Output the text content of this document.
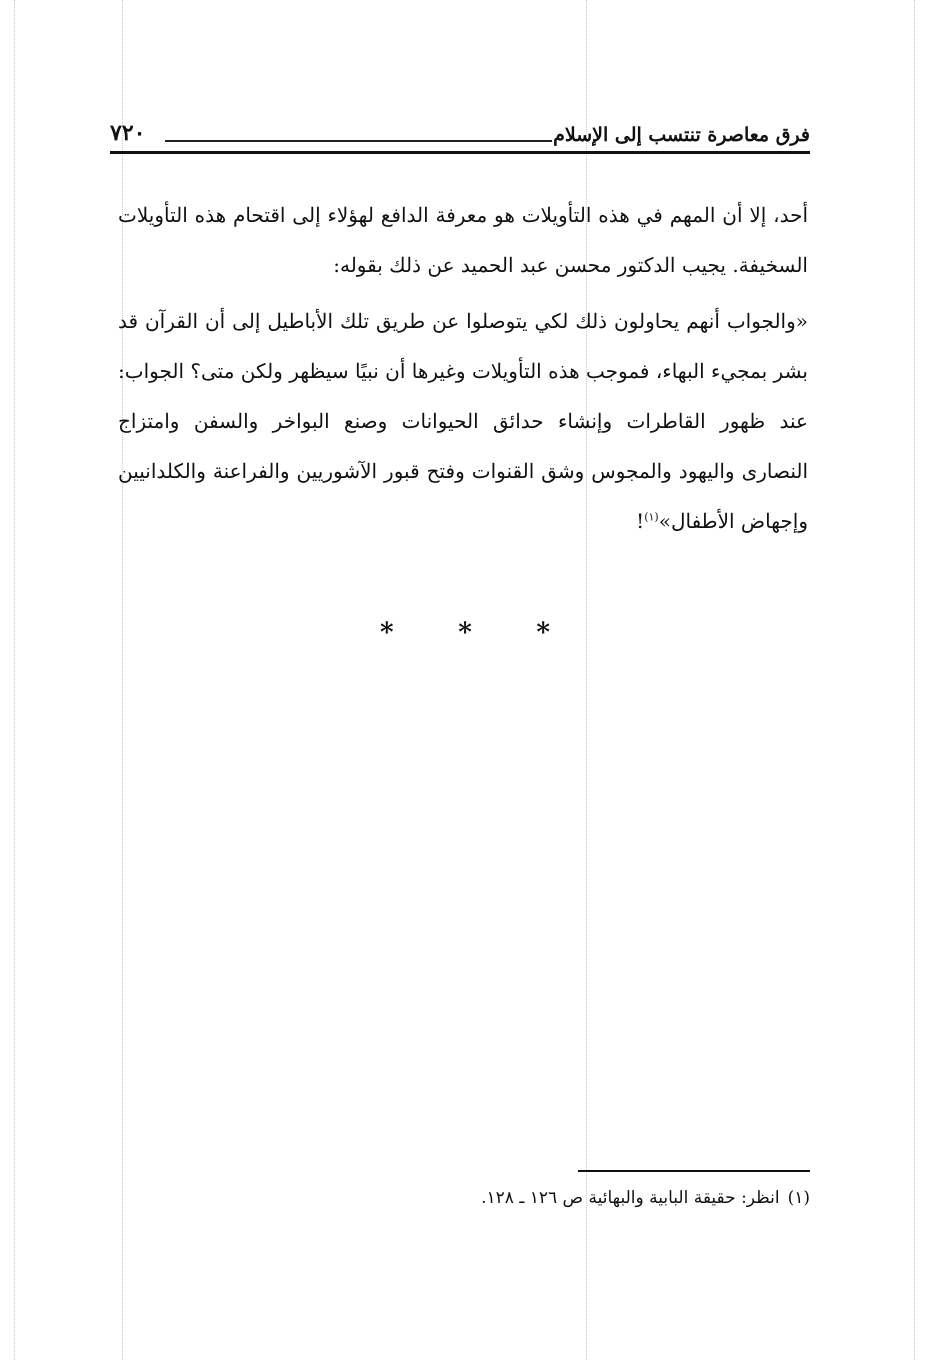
فرق معاصرة تنتسب إلى الإسلام
٧٢٠

أحد، إلا أن المهم في هذه التأويلات هو معرفة الدافع لهؤلاء إلى اقتحام هذه التأويلات السخيفة. يجيب الدكتور محسن عبد الحميد عن ذلك بقوله:

«والجواب أنهم يحاولون ذلك لكي يتوصلوا عن طريق تلك الأباطيل إلى أن القرآن قد بشر بمجيء البهاء، فموجب هذه التأويلات وغيرها أن نبيًا سيظهر ولكن متى؟ الجواب: عند ظهور القاطرات وإنشاء حدائق الحيوانات وصنع البواخر والسفن وامتزاج النصارى واليهود والمجوس وشق القنوات وفتح قبور الآشوريين والفراعنة والكلدانيين وإجهاض الأطفال»$^{(١)}$!

* * *
(١)انظر: حقيقة البابية والبهائية ص ١٢٦ ـ ١٢٨.
